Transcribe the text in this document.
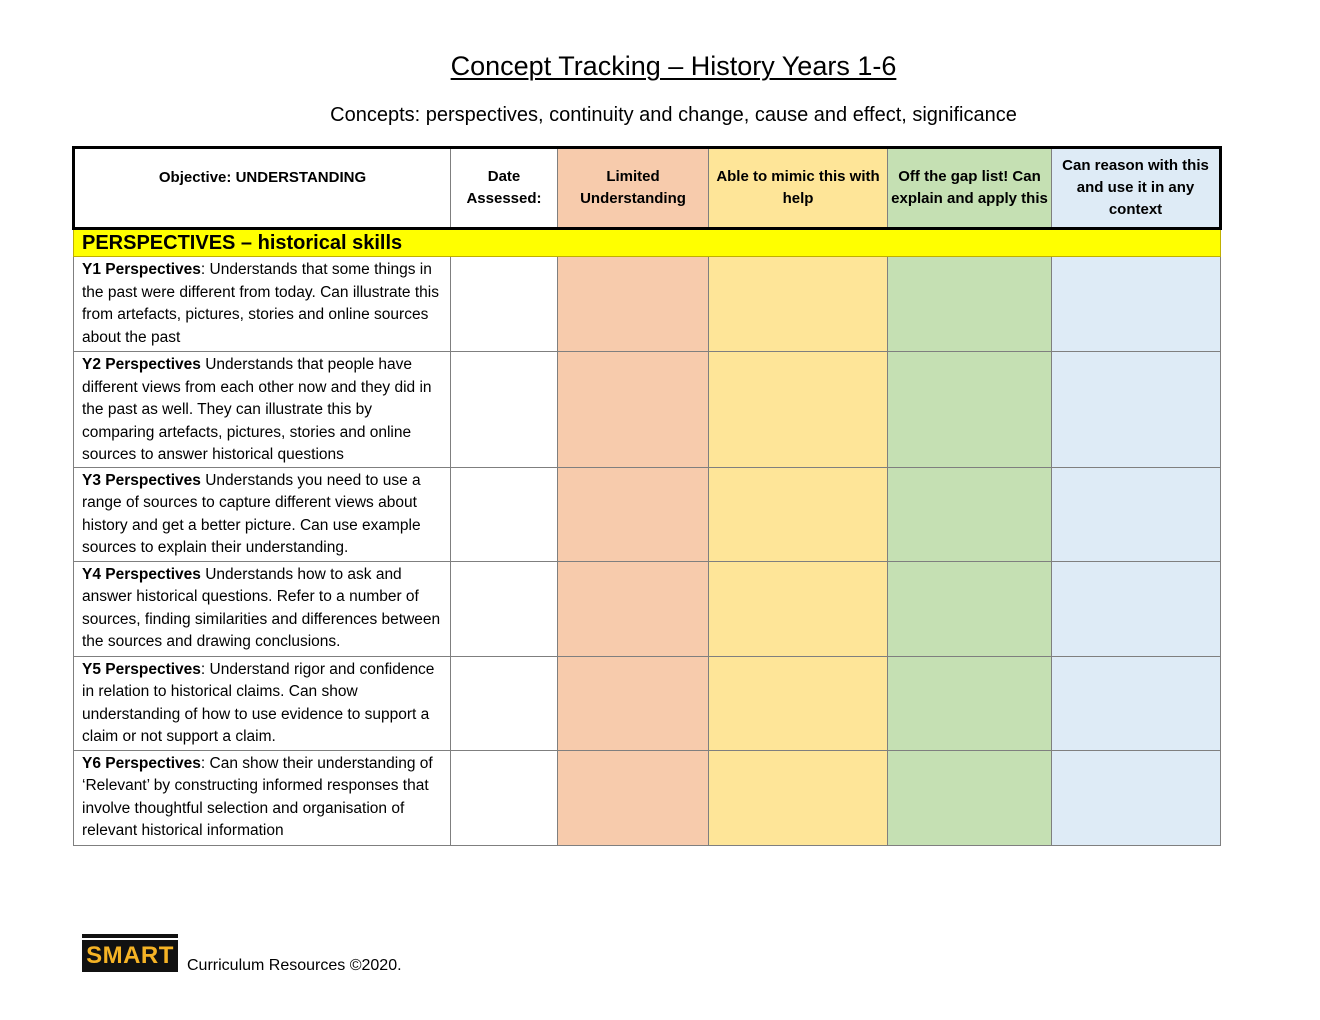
Concept Tracking – History Years 1-6
Concepts: perspectives, continuity and change, cause and effect, significance
Objective: UNDERSTANDING	Date Assessed:	Limited Understanding	Able to mimic this with help	Off the gap list! Can explain and apply this	Can reason with this and use it in any context
PERSPECTIVES – historical skills					
Y1 Perspectives: Understands that some things in the past were different from today. Can illustrate this from artefacts, pictures, stories and online sources about the past					
Y2 Perspectives Understands that people have different views from each other now and they did in the past as well. They can illustrate this by comparing artefacts, pictures, stories and online sources to answer historical questions					
Y3 Perspectives Understands you need to use a range of sources to capture different views about history and get a better picture. Can use example sources to explain their understanding.					
Y4 Perspectives Understands how to ask and answer historical questions. Refer to a number of sources, finding similarities and differences between the sources and drawing conclusions.					
Y5 Perspectives: Understand rigor and confidence in relation to historical claims. Can show understanding of how to use evidence to support a claim or not support a claim.					
Y6 Perspectives: Can show their understanding of ‘Relevant’ by constructing informed responses that involve thoughtful selection and organisation of relevant historical information					
SMART Curriculum Resources ©2020.
